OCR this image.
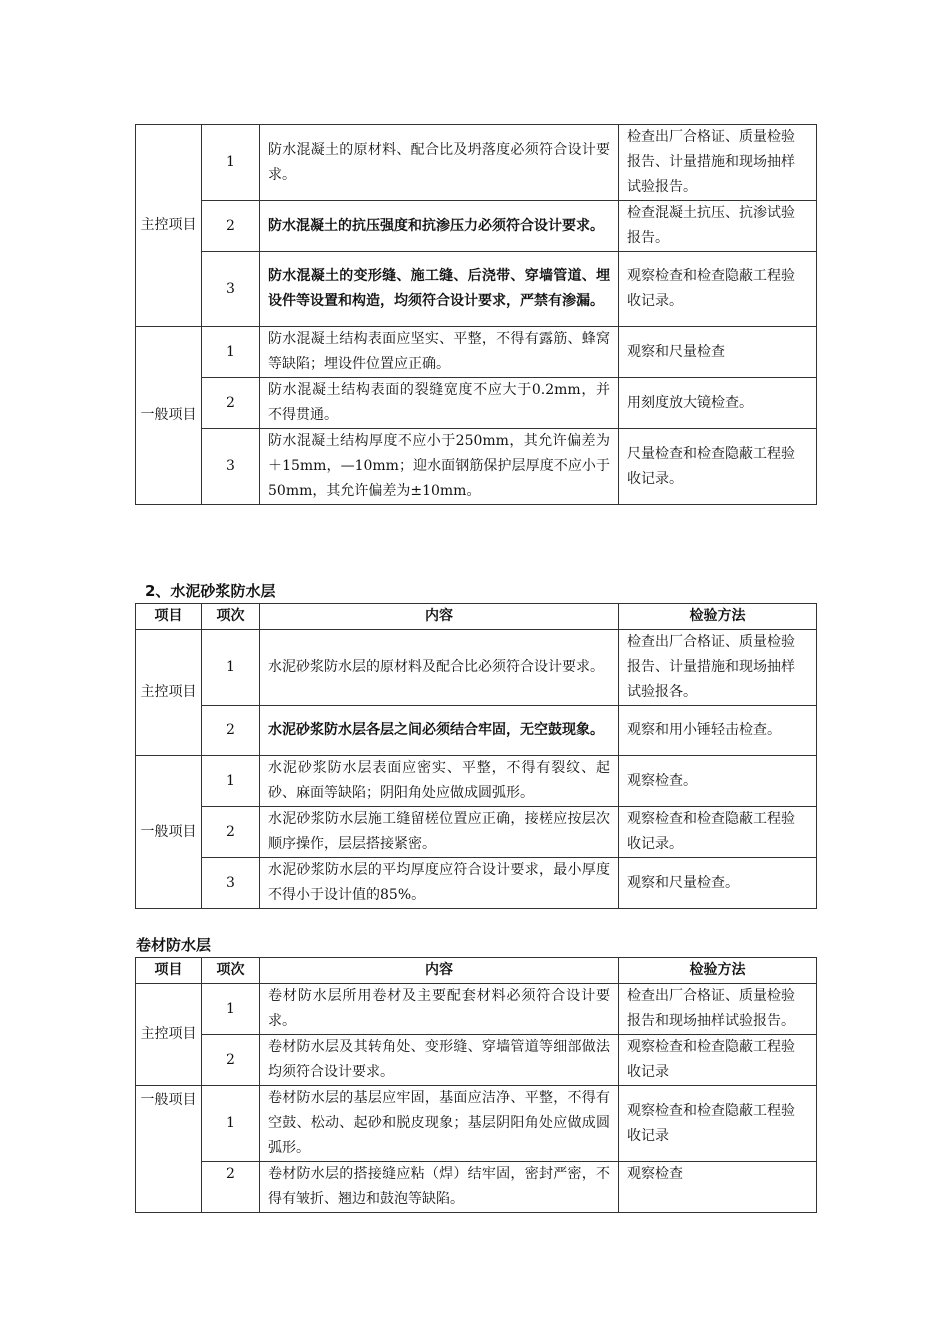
主控项目	1	防水混凝土的原材料、配合比及坍落度必须符合设计要求。	检查出厂合格证、质量检验报告、计量措施和现场抽样试验报告。
	2	防水混凝土的抗压强度和抗渗压力必须符合设计要求。	检查混凝土抗压、抗渗试验报告。
	3	防水混凝土的变形缝、施工缝、后浇带、穿墙管道、埋设件等设置和构造，均须符合设计要求，严禁有渗漏。	观察检查和检查隐蔽工程验收记录。
一般项目	1	防水混凝土结构表面应坚实、平整，不得有露筋、蜂窝等缺陷；埋设件位置应正确。	观察和尺量检查
	2	防水混凝土结构表面的裂缝宽度不应大于0.2mm，并不得贯通。	用刻度放大镜检查。
	3	防水混凝土结构厚度不应小于250mm，其允许偏差为＋15mm，—10mm；迎水面钢筋保护层厚度不应小于50mm，其允许偏差为±10mm。	尺量检查和检查隐蔽工程验收记录。
2、水泥砂浆防水层
项目	项次	内容	检验方法
主控项目	1	水泥砂浆防水层的原材料及配合比必须符合设计要求。	检查出厂合格证、质量检验报告、计量措施和现场抽样试验报各。
	2	水泥砂浆防水层各层之间必须结合牢固，无空鼓现象。	观察和用小锤轻击检查。
一般项目	1	水泥砂浆防水层表面应密实、平整，不得有裂纹、起砂、麻面等缺陷；阴阳角处应做成圆弧形。	观察检查。
	2	水泥砂浆防水层施工缝留槎位置应正确，接槎应按层次顺序操作，层层搭接紧密。	观察检查和检查隐蔽工程验收记录。
	3	水泥砂浆防水层的平均厚度应符合设计要求，最小厚度不得小于设计值的85%。	观察和尺量检查。
卷材防水层
项目	项次	内容	检验方法
主控项目	1	卷材防水层所用卷材及主要配套材料必须符合设计要求。	检查出厂合格证、质量检验报告和现场抽样试验报告。
	2	卷材防水层及其转角处、变形缝、穿墙管道等细部做法均须符合设计要求。	观察检查和检查隐蔽工程验收记录
一般项目	1	卷材防水层的基层应牢固，基面应洁净、平整，不得有空鼓、松动、起砂和脱皮现象；基层阴阳角处应做成圆弧形。	观察检查和检查隐蔽工程验收记录
	2	卷材防水层的搭接缝应粘（焊）结牢固，密封严密，不得有皱折、翘边和鼓泡等缺陷。	观察检查
